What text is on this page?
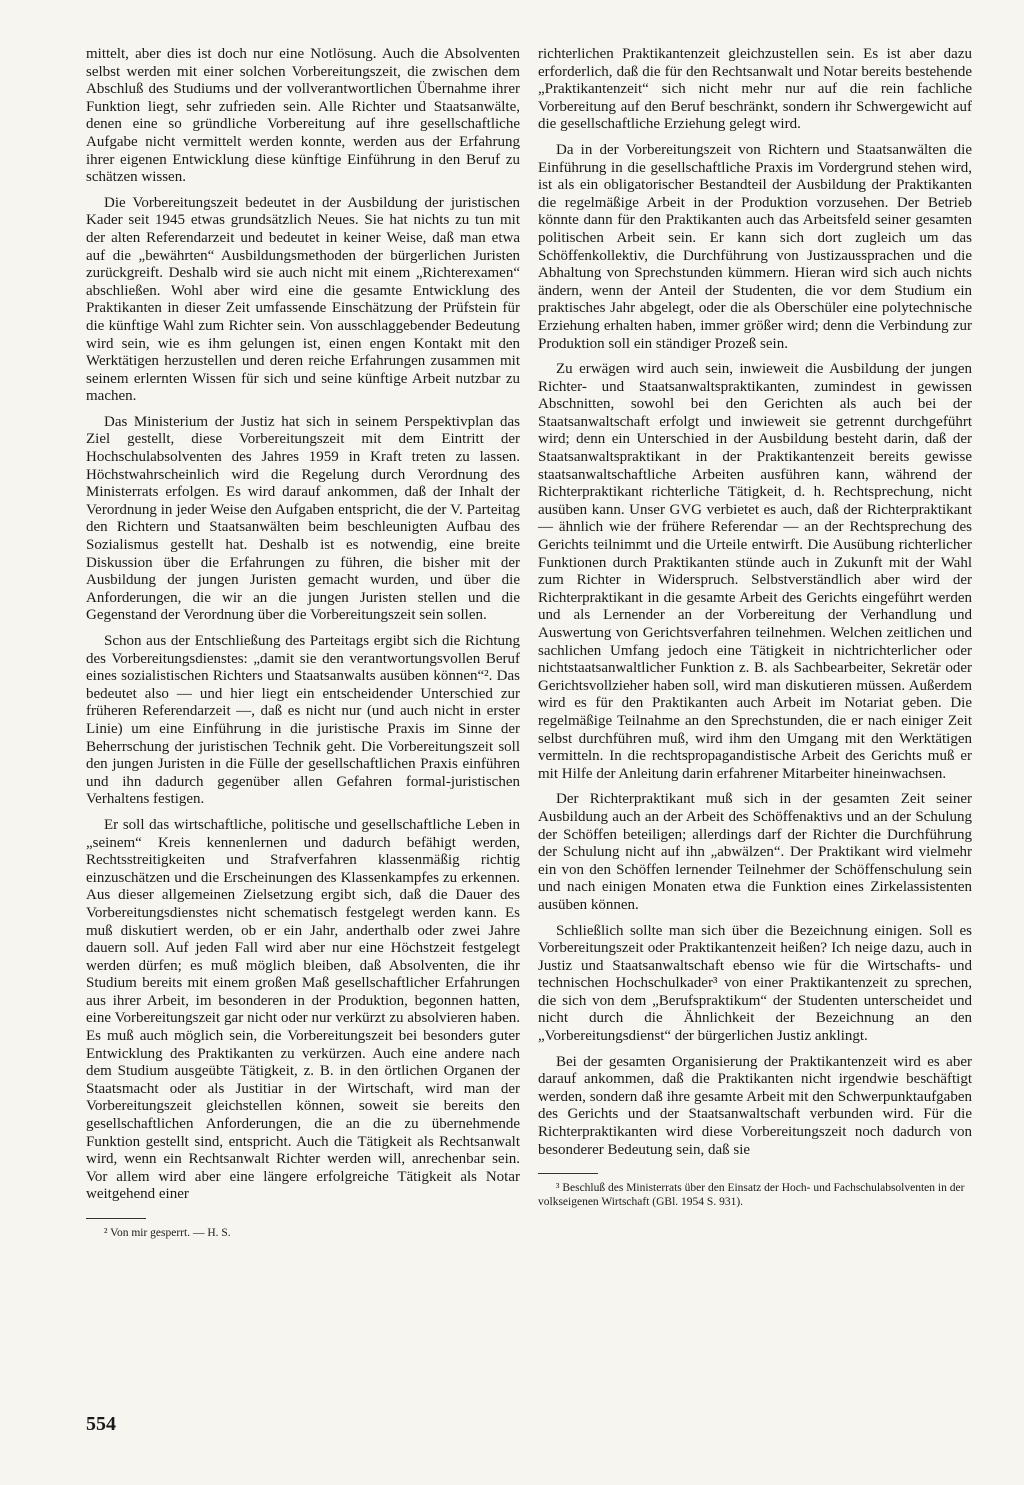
mittelt, aber dies ist doch nur eine Notlösung. Auch die Absolventen selbst werden mit einer solchen Vorbereitungszeit, die zwischen dem Abschluß des Studiums und der vollverantwortlichen Übernahme ihrer Funktion liegt, sehr zufrieden sein. Alle Richter und Staatsanwälte, denen eine so gründliche Vorbereitung auf ihre gesellschaftliche Aufgabe nicht vermittelt werden konnte, werden aus der Erfahrung ihrer eigenen Entwicklung diese künftige Einführung in den Beruf zu schätzen wissen.

Die Vorbereitungszeit bedeutet in der Ausbildung der juristischen Kader seit 1945 etwas grundsätzlich Neues. Sie hat nichts zu tun mit der alten Referendarzeit und bedeutet in keiner Weise, daß man etwa auf die „bewährten“ Ausbildungsmethoden der bürgerlichen Juristen zurückgreift. Deshalb wird sie auch nicht mit einem „Richterexamen“ abschließen. Wohl aber wird eine die gesamte Entwicklung des Praktikanten in dieser Zeit umfassende Einschätzung der Prüfstein für die künftige Wahl zum Richter sein. Von ausschlaggebender Bedeutung wird sein, wie es ihm gelungen ist, einen engen Kontakt mit den Werktätigen herzustellen und deren reiche Erfahrungen zusammen mit seinem erlernten Wissen für sich und seine künftige Arbeit nutzbar zu machen.

Das Ministerium der Justiz hat sich in seinem Perspektivplan das Ziel gestellt, diese Vorbereitungszeit mit dem Eintritt der Hochschulabsolventen des Jahres 1959 in Kraft treten zu lassen. Höchstwahrscheinlich wird die Regelung durch Verordnung des Ministerrats erfolgen. Es wird darauf ankommen, daß der Inhalt der Verordnung in jeder Weise den Aufgaben entspricht, die der V. Parteitag den Richtern und Staatsanwälten beim beschleunigten Aufbau des Sozialismus gestellt hat. Deshalb ist es notwendig, eine breite Diskussion über die Erfahrungen zu führen, die bisher mit der Ausbildung der jungen Juristen gemacht wurden, und über die Anforderungen, die wir an die jungen Juristen stellen und die Gegenstand der Verordnung über die Vorbereitungszeit sein sollen.

Schon aus der Entschließung des Parteitags ergibt sich die Richtung des Vorbereitungsdienstes: „damit sie den verantwortungsvollen Beruf eines sozialistischen Richters und Staatsanwalts ausüben können“². Das bedeutet also — und hier liegt ein entscheidender Unterschied zur früheren Referendarzeit —, daß es nicht nur (und auch nicht in erster Linie) um eine Einführung in die juristische Praxis im Sinne der Beherrschung der juristischen Technik geht. Die Vorbereitungszeit soll den jungen Juristen in die Fülle der gesellschaftlichen Praxis einführen und ihn dadurch gegenüber allen Gefahren formal-juristischen Verhaltens festigen.

Er soll das wirtschaftliche, politische und gesellschaftliche Leben in „seinem“ Kreis kennenlernen und dadurch befähigt werden, Rechtsstreitigkeiten und Strafverfahren klassenmäßig richtig einzuschätzen und die Erscheinungen des Klassenkampfes zu erkennen. Aus dieser allgemeinen Zielsetzung ergibt sich, daß die Dauer des Vorbereitungsdienstes nicht schematisch festgelegt werden kann. Es muß diskutiert werden, ob er ein Jahr, anderthalb oder zwei Jahre dauern soll. Auf jeden Fall wird aber nur eine Höchstzeit festgelegt werden dürfen; es muß möglich bleiben, daß Absolventen, die ihr Studium bereits mit einem großen Maß gesellschaftlicher Erfahrungen aus ihrer Arbeit, im besonderen in der Produktion, begonnen hatten, eine Vorbereitungszeit gar nicht oder nur verkürzt zu absolvieren haben. Es muß auch möglich sein, die Vorbereitungszeit bei besonders guter Entwicklung des Praktikanten zu verkürzen. Auch eine andere nach dem Studium ausgeübte Tätigkeit, z. B. in den örtlichen Organen der Staatsmacht oder als Justitiar in der Wirtschaft, wird man der Vorbereitungszeit gleichstellen können, soweit sie bereits den gesellschaftlichen Anforderungen, die an die zu übernehmende Funktion gestellt sind, entspricht. Auch die Tätigkeit als Rechtsanwalt wird, wenn ein Rechtsanwalt Richter werden will, anrechenbar sein. Vor allem wird aber eine längere erfolgreiche Tätigkeit als Notar weitgehend einer

² Von mir gesperrt. — H. S.

richterlichen Praktikantenzeit gleichzustellen sein. Es ist aber dazu erforderlich, daß die für den Rechtsanwalt und Notar bereits bestehende „Praktikantenzeit“ sich nicht mehr nur auf die rein fachliche Vorbereitung auf den Beruf beschränkt, sondern ihr Schwergewicht auf die gesellschaftliche Erziehung gelegt wird.

Da in der Vorbereitungszeit von Richtern und Staatsanwälten die Einführung in die gesellschaftliche Praxis im Vordergrund stehen wird, ist als ein obligatorischer Bestandteil der Ausbildung der Praktikanten die regelmäßige Arbeit in der Produktion vorzusehen. Der Betrieb könnte dann für den Praktikanten auch das Arbeitsfeld seiner gesamten politischen Arbeit sein. Er kann sich dort zugleich um das Schöffenkollektiv, die Durchführung von Justizaussprachen und die Abhaltung von Sprechstunden kümmern. Hieran wird sich auch nichts ändern, wenn der Anteil der Studenten, die vor dem Studium ein praktisches Jahr abgelegt, oder die als Oberschüler eine polytechnische Erziehung erhalten haben, immer größer wird; denn die Verbindung zur Produktion soll ein ständiger Prozeß sein.

Zu erwägen wird auch sein, inwieweit die Ausbildung der jungen Richter- und Staatsanwaltspraktikanten, zumindest in gewissen Abschnitten, sowohl bei den Gerichten als auch bei der Staatsanwaltschaft erfolgt und inwieweit sie getrennt durchgeführt wird; denn ein Unterschied in der Ausbildung besteht darin, daß der Staatsanwaltspraktikant in der Praktikantenzeit bereits gewisse staatsanwaltschaftliche Arbeiten ausführen kann, während der Richterpraktikant richterliche Tätigkeit, d. h. Rechtsprechung, nicht ausüben kann. Unser GVG verbietet es auch, daß der Richterpraktikant — ähnlich wie der frühere Referendar — an der Rechtsprechung des Gerichts teilnimmt und die Urteile entwirft. Die Ausübung richterlicher Funktionen durch Praktikanten stünde auch in Zukunft mit der Wahl zum Richter in Widerspruch. Selbstverständlich aber wird der Richterpraktikant in die gesamte Arbeit des Gerichts eingeführt werden und als Lernender an der Vorbereitung der Verhandlung und Auswertung von Gerichtsverfahren teilnehmen. Welchen zeitlichen und sachlichen Umfang jedoch eine Tätigkeit in nichtrichterlicher oder nichtstaatsanwaltlicher Funktion z. B. als Sachbearbeiter, Sekretär oder Gerichtsvollzieher haben soll, wird man diskutieren müssen. Außerdem wird es für den Praktikanten auch Arbeit im Notariat geben. Die regelmäßige Teilnahme an den Sprechstunden, die er nach einiger Zeit selbst durchführen muß, wird ihm den Umgang mit den Werktätigen vermitteln. In die rechtspropagandistische Arbeit des Gerichts muß er mit Hilfe der Anleitung darin erfahrener Mitarbeiter hineinwachsen.

Der Richterpraktikant muß sich in der gesamten Zeit seiner Ausbildung auch an der Arbeit des Schöffenaktivs und an der Schulung der Schöffen beteiligen; allerdings darf der Richter die Durchführung der Schulung nicht auf ihn „abwälzen“. Der Praktikant wird vielmehr ein von den Schöffen lernender Teilnehmer der Schöffenschulung sein und nach einigen Monaten etwa die Funktion eines Zirkelassistenten ausüben können.

Schließlich sollte man sich über die Bezeichnung einigen. Soll es Vorbereitungszeit oder Praktikantenzeit heißen? Ich neige dazu, auch in Justiz und Staatsanwaltschaft ebenso wie für die Wirtschafts- und technischen Hochschulkader³ von einer Praktikantenzeit zu sprechen, die sich von dem „Berufspraktikum“ der Studenten unterscheidet und nicht durch die Ähnlichkeit der Bezeichnung an den „Vorbereitungsdienst“ der bürgerlichen Justiz anklingt.

Bei der gesamten Organisierung der Praktikantenzeit wird es aber darauf ankommen, daß die Praktikanten nicht irgendwie beschäftigt werden, sondern daß ihre gesamte Arbeit mit den Schwerpunktaufgaben des Gerichts und der Staatsanwaltschaft verbunden wird. Für die Richterpraktikanten wird diese Vorbereitungszeit noch dadurch von besonderer Bedeutung sein, daß sie

³ Beschluß des Ministerrats über den Einsatz der Hoch- und Fachschulabsolventen in der volkseigenen Wirtschaft (GBl. 1954 S. 931).

554
